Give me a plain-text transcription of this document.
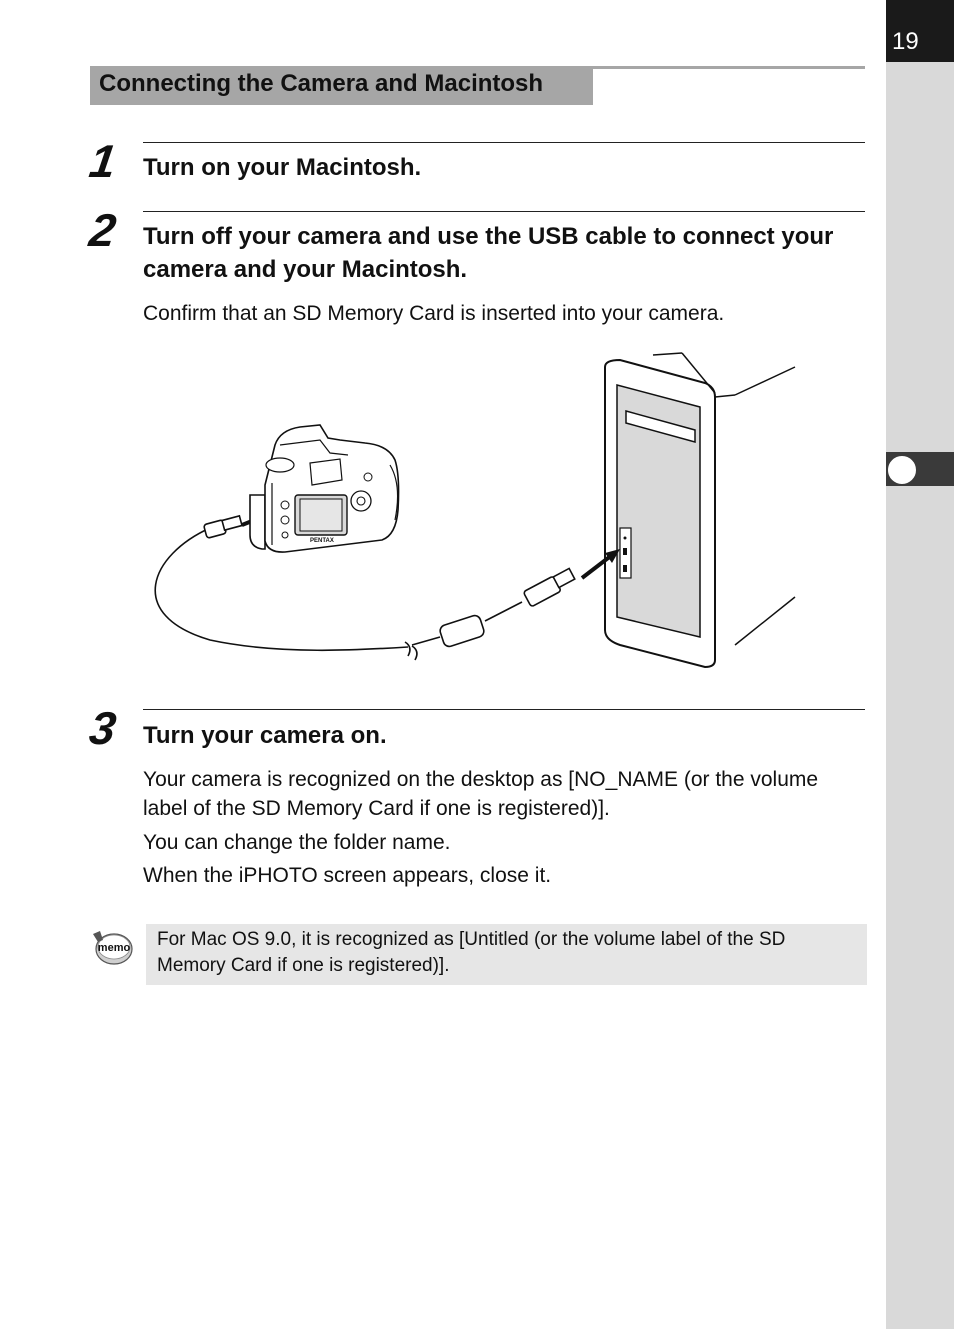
19
Connecting the Camera and Macintosh
1 Turn on your Macintosh.
2 Turn off your camera and use the USB cable to connect your camera and your Macintosh.
Confirm that an SD Memory Card is inserted into your camera.
PENTAX
3 Turn your camera on.
Your camera is recognized on the desktop as [NO_NAME (or the volume label of the SD Memory Card if one is registered)].
You can change the folder name.
When the iPHOTO screen appears, close it.
memo For Mac OS 9.0, it is recognized as [Untitled (or the volume label of the SD Memory Card if one is registered)].
